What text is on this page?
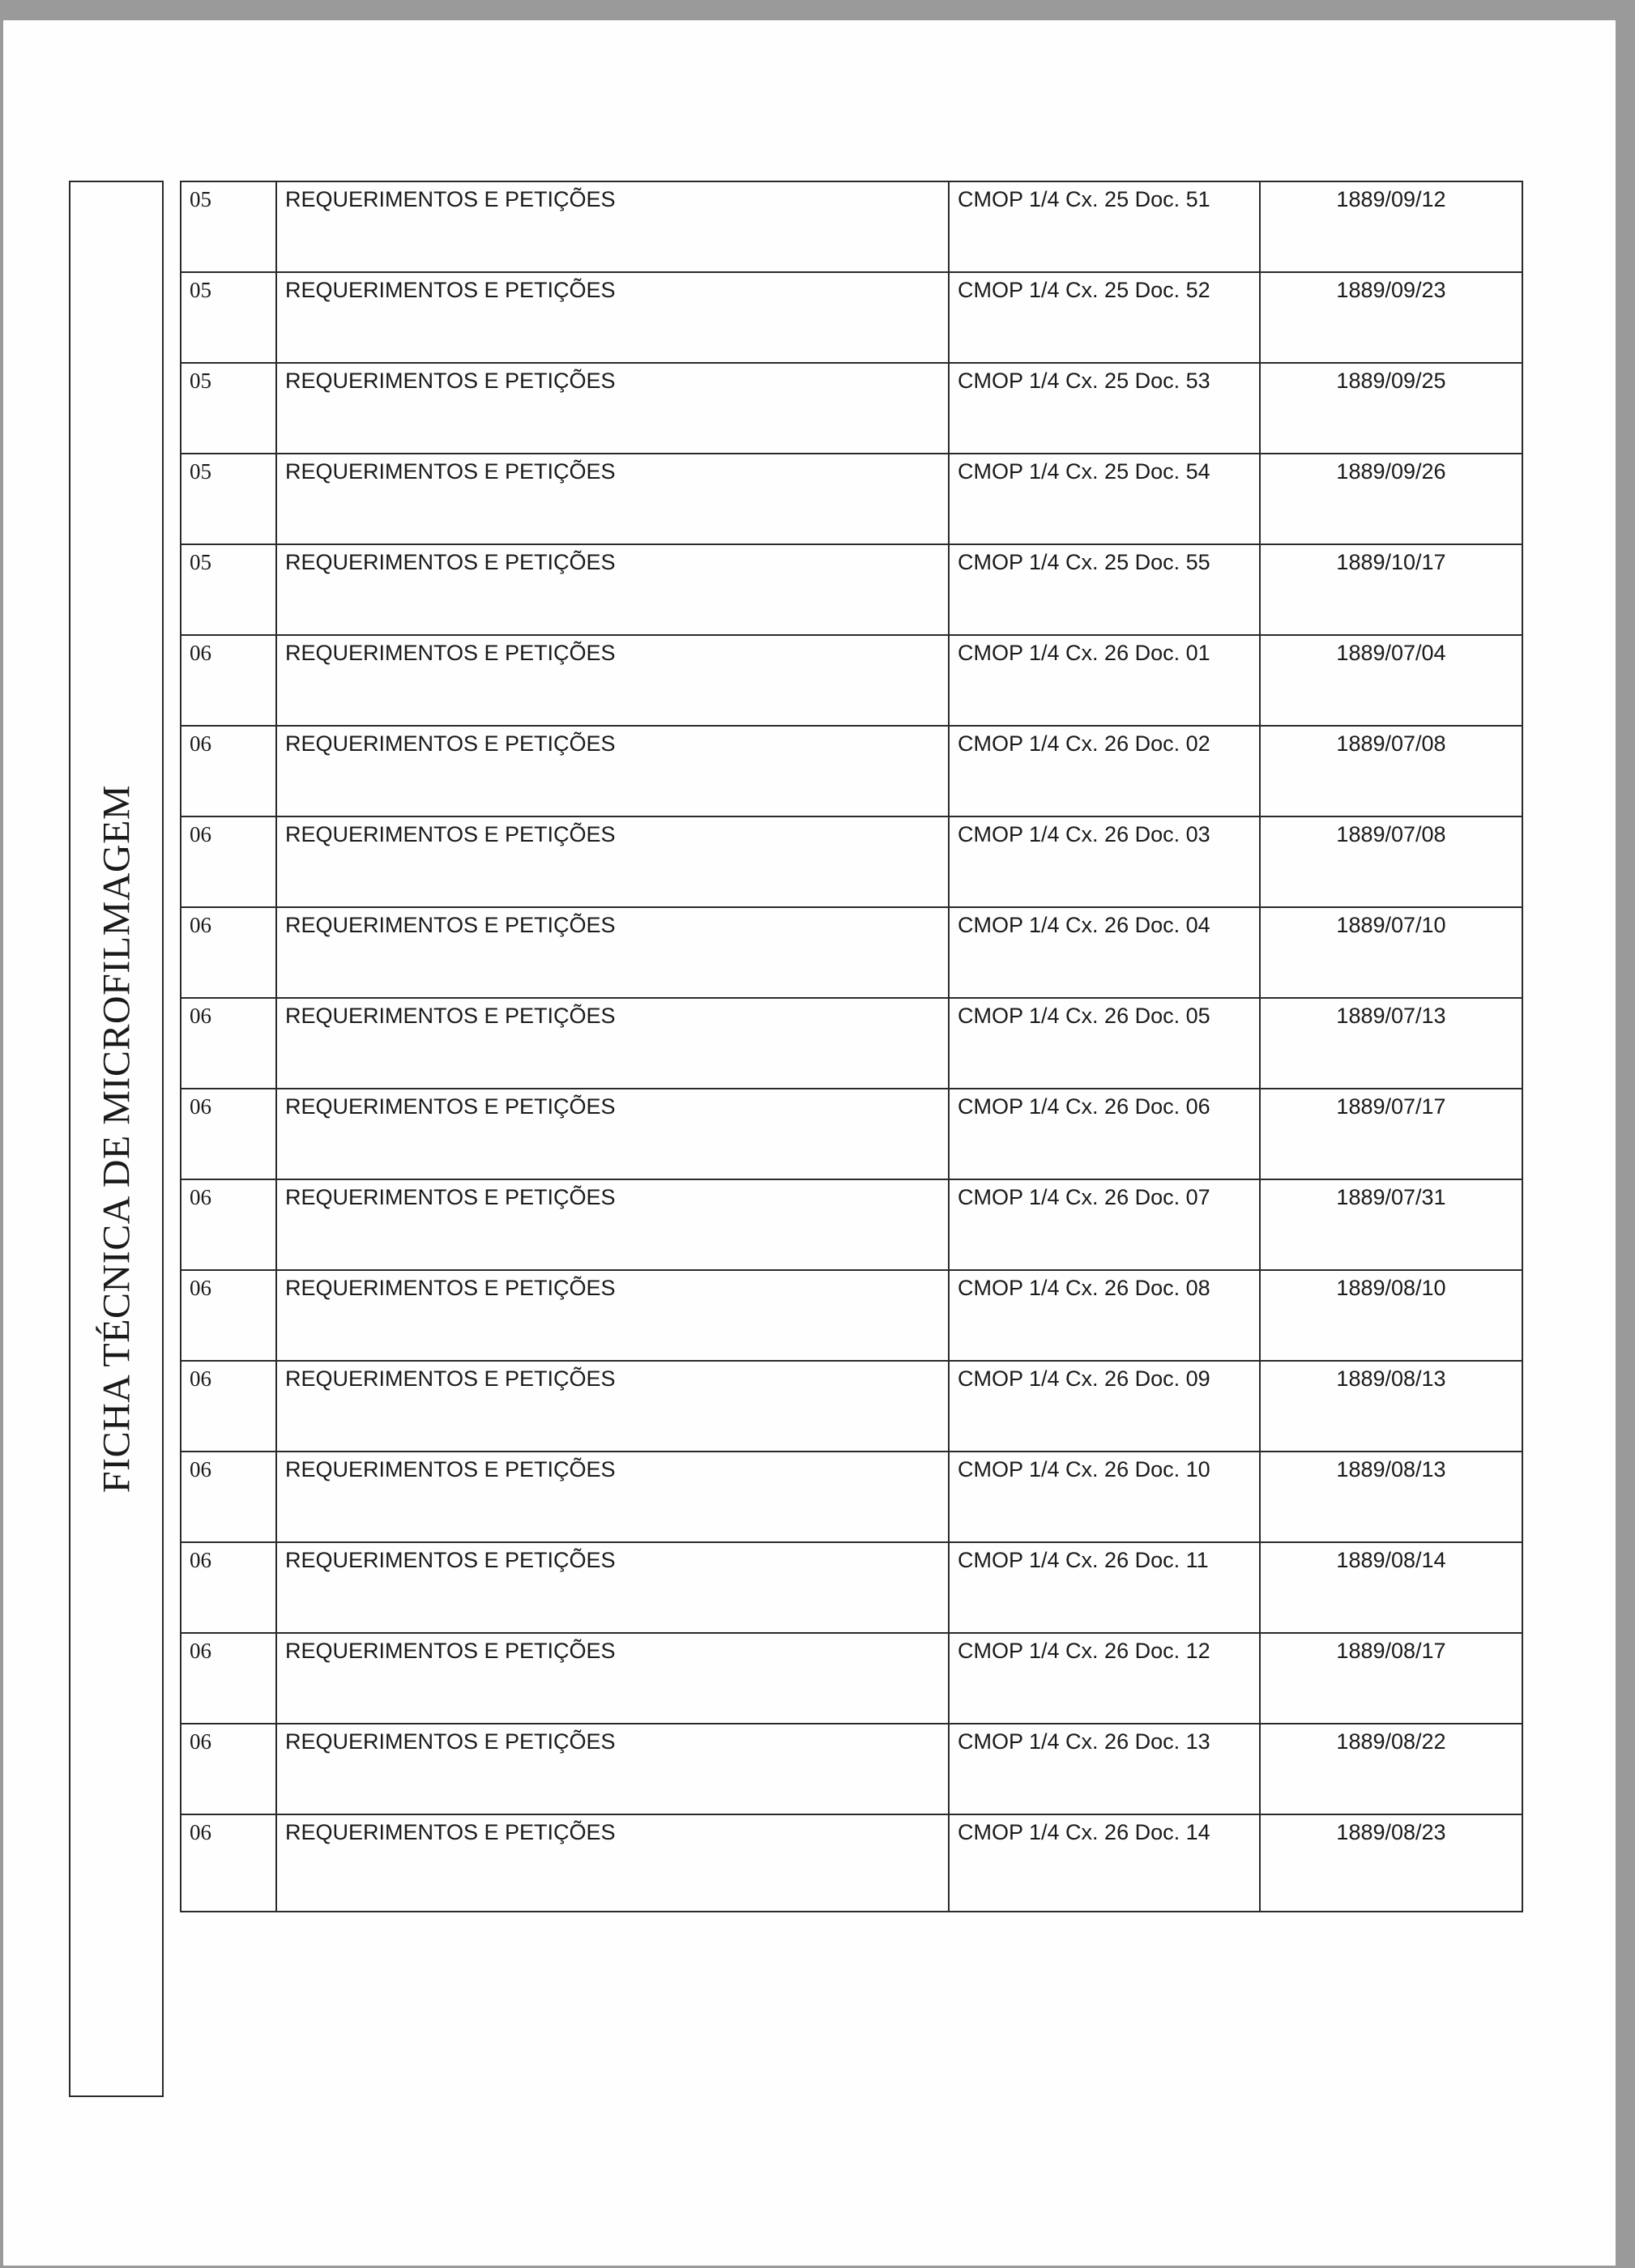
FICHA TÉCNICA DE MICROFILMAGEM
05	REQUERIMENTOS E PETIÇÕES	CMOP 1/4 Cx. 25 Doc. 51	1889/09/12
05	REQUERIMENTOS E PETIÇÕES	CMOP 1/4 Cx. 25 Doc. 52	1889/09/23
05	REQUERIMENTOS E PETIÇÕES	CMOP 1/4 Cx. 25 Doc. 53	1889/09/25
05	REQUERIMENTOS E PETIÇÕES	CMOP 1/4 Cx. 25 Doc. 54	1889/09/26
05	REQUERIMENTOS E PETIÇÕES	CMOP 1/4 Cx. 25 Doc. 55	1889/10/17
06	REQUERIMENTOS E PETIÇÕES	CMOP 1/4 Cx. 26 Doc. 01	1889/07/04
06	REQUERIMENTOS E PETIÇÕES	CMOP 1/4 Cx. 26 Doc. 02	1889/07/08
06	REQUERIMENTOS E PETIÇÕES	CMOP 1/4 Cx. 26 Doc. 03	1889/07/08
06	REQUERIMENTOS E PETIÇÕES	CMOP 1/4 Cx. 26 Doc. 04	1889/07/10
06	REQUERIMENTOS E PETIÇÕES	CMOP 1/4 Cx. 26 Doc. 05	1889/07/13
06	REQUERIMENTOS E PETIÇÕES	CMOP 1/4 Cx. 26 Doc. 06	1889/07/17
06	REQUERIMENTOS E PETIÇÕES	CMOP 1/4 Cx. 26 Doc. 07	1889/07/31
06	REQUERIMENTOS E PETIÇÕES	CMOP 1/4 Cx. 26 Doc. 08	1889/08/10
06	REQUERIMENTOS E PETIÇÕES	CMOP 1/4 Cx. 26 Doc. 09	1889/08/13
06	REQUERIMENTOS E PETIÇÕES	CMOP 1/4 Cx. 26 Doc. 10	1889/08/13
06	REQUERIMENTOS E PETIÇÕES	CMOP 1/4 Cx. 26 Doc. 11	1889/08/14
06	REQUERIMENTOS E PETIÇÕES	CMOP 1/4 Cx. 26 Doc. 12	1889/08/17
06	REQUERIMENTOS E PETIÇÕES	CMOP 1/4 Cx. 26 Doc. 13	1889/08/22
06	REQUERIMENTOS E PETIÇÕES	CMOP 1/4 Cx. 26 Doc. 14	1889/08/23
